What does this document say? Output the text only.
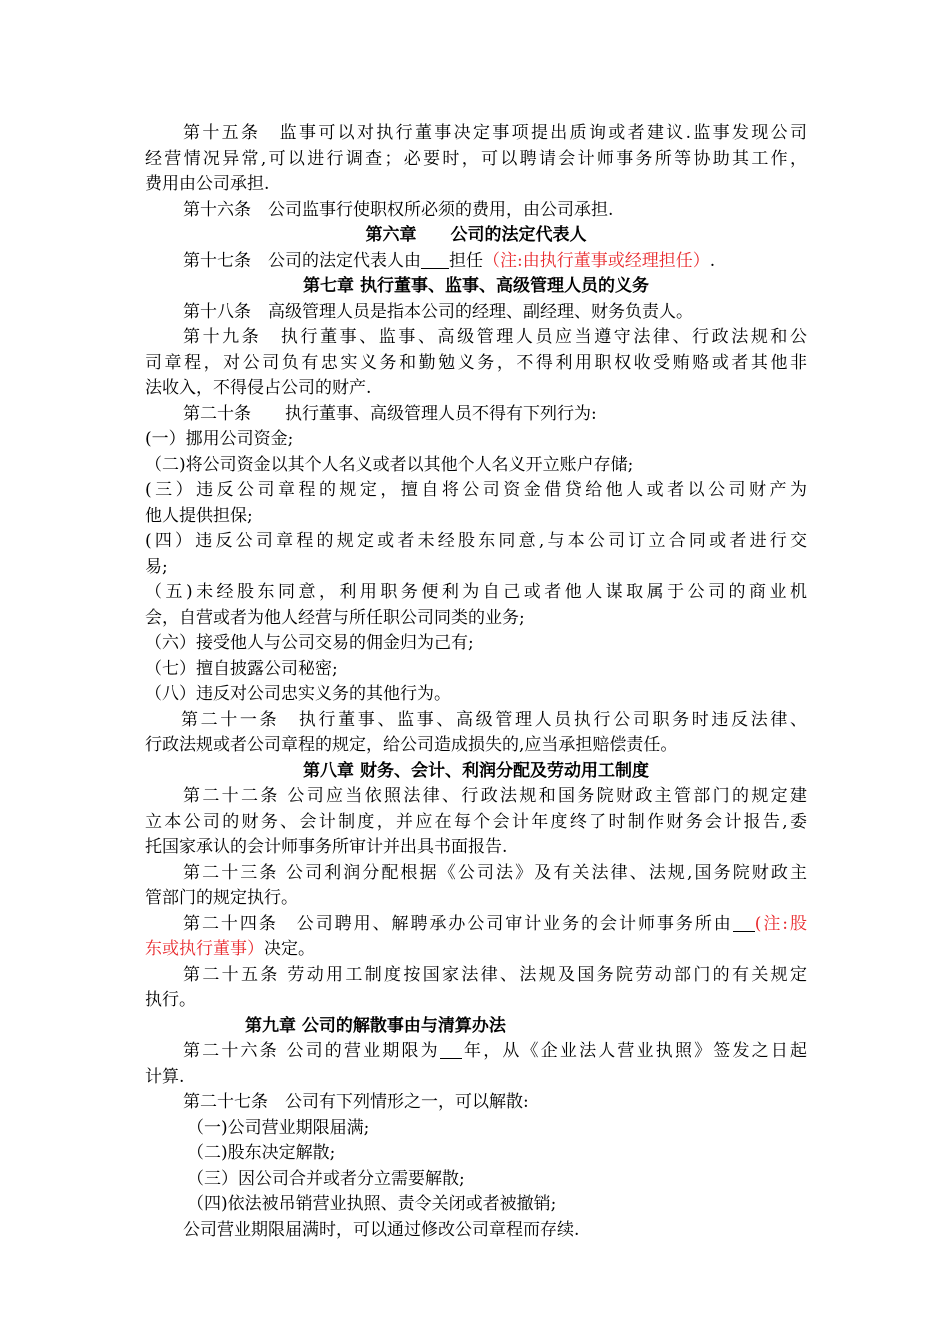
第十五条　监事可以对执行董事决定事项提出质询或者建议.监事发现公司
经营情况异常,可以进行调查；必要时，可以聘请会计师事务所等协助其工作，
费用由公司承担.
第十六条　公司监事行使职权所必须的费用，由公司承担.
第六章　　公司的法定代表人
第十七条　公司的法定代表人由 担任（注:由执行董事或经理担任）.
第七章 执行董事、监事、高级管理人员的义务
第十八条　高级管理人员是指本公司的经理、副经理、财务负责人。
第十九条　执行董事、监事、高级管理人员应当遵守法律、行政法规和公
司章程，对公司负有忠实义务和勤勉义务，不得利用职权收受贿赂或者其他非
法收入，不得侵占公司的财产.
第二十条　　执行董事、高级管理人员不得有下列行为:
(一）挪用公司资金;
（二)将公司资金以其个人名义或者以其他个人名义开立账户存储;
(三）违反公司章程的规定，擅自将公司资金借贷给他人或者以公司财产为
他人提供担保;
(四）违反公司章程的规定或者未经股东同意,与本公司订立合同或者进行交
易;
（五)未经股东同意，利用职务便利为自己或者他人谋取属于公司的商业机
会，自营或者为他人经营与所任职公司同类的业务;
（六）接受他人与公司交易的佣金归为己有;
（七）擅自披露公司秘密;
（八）违反对公司忠实义务的其他行为。
第二十一条　执行董事、监事、高级管理人员执行公司职务时违反法律、
行政法规或者公司章程的规定，给公司造成损失的,应当承担赔偿责任。
第八章 财务、会计、利润分配及劳动用工制度
第二十二条 公司应当依照法律、行政法规和国务院财政主管部门的规定建
立本公司的财务、会计制度，并应在每个会计年度终了时制作财务会计报告,委
托国家承认的会计师事务所审计并出具书面报告.
第二十三条 公司利润分配根据《公司法》及有关法律、法规,国务院财政主
管部门的规定执行。
第二十四条　公司聘用、解聘承办公司审计业务的会计师事务所由 (注:股
东或执行董事）决定。
第二十五条 劳动用工制度按国家法律、法规及国务院劳动部门的有关规定
执行。
第九章 公司的解散事由与清算办法
第二十六条 公司的营业期限为 年，从《企业法人营业执照》签发之日起
计算.
第二十七条　公司有下列情形之一，可以解散:
（一)公司营业期限届满;
（二)股东决定解散;
（三）因公司合并或者分立需要解散;
（四)依法被吊销营业执照、责令关闭或者被撤销;
公司营业期限届满时，可以通过修改公司章程而存续.
